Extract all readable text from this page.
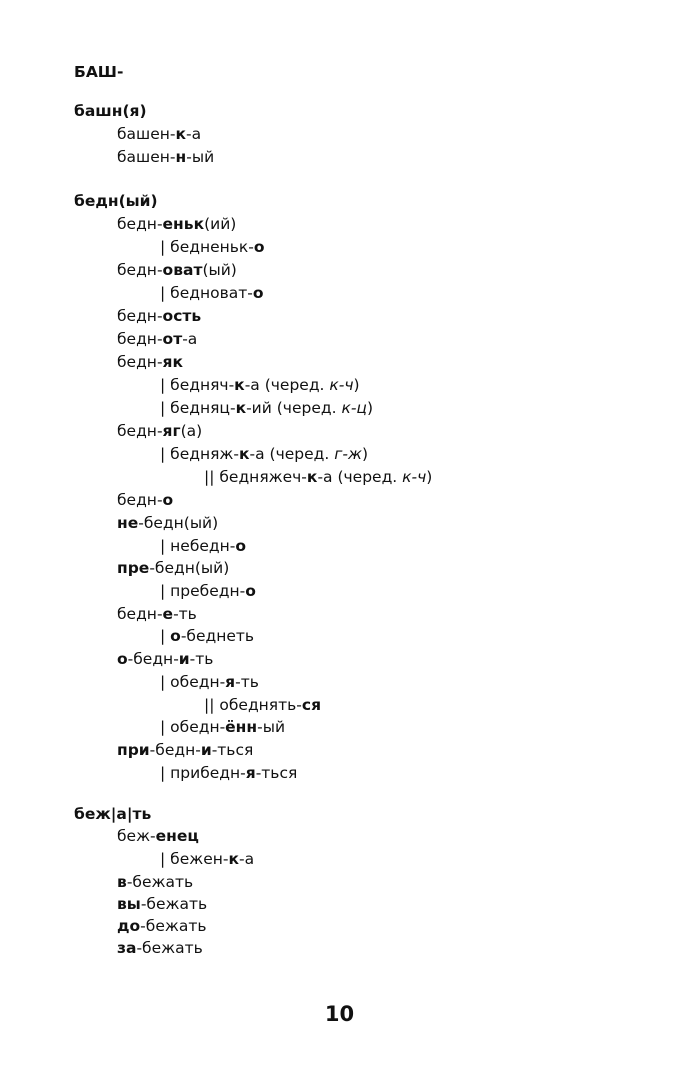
БАШ-
башн(я)
башен-к-а
башен-н-ый
бедн(ый)
бедн-еньк(ий)
| бедненьк-о
бедн-оват(ый)
| бедноват-о
бедн-ость
бедн-от-а
бедн-як
| бедняч-к-а (черед. к-ч)
| бедняц-к-ий (черед. к-ц)
бедн-яг(а)
| бедняж-к-а (черед. г-ж)
|| бедняжеч-к-а (черед. к-ч)
бедн-о
не-бедн(ый)
| небедн-о
пре-бедн(ый)
| пребедн-о
бедн-е-ть
| о-беднеть
о-бедн-и-ть
| обедн-я-ть
|| обеднять-ся
| обедн-ённ-ый
при-бедн-и-ться
| прибедн-я-ться
беж|а|ть
беж-енец
| бежен-к-а
в-бежать
вы-бежать
до-бежать
за-бежать
10
